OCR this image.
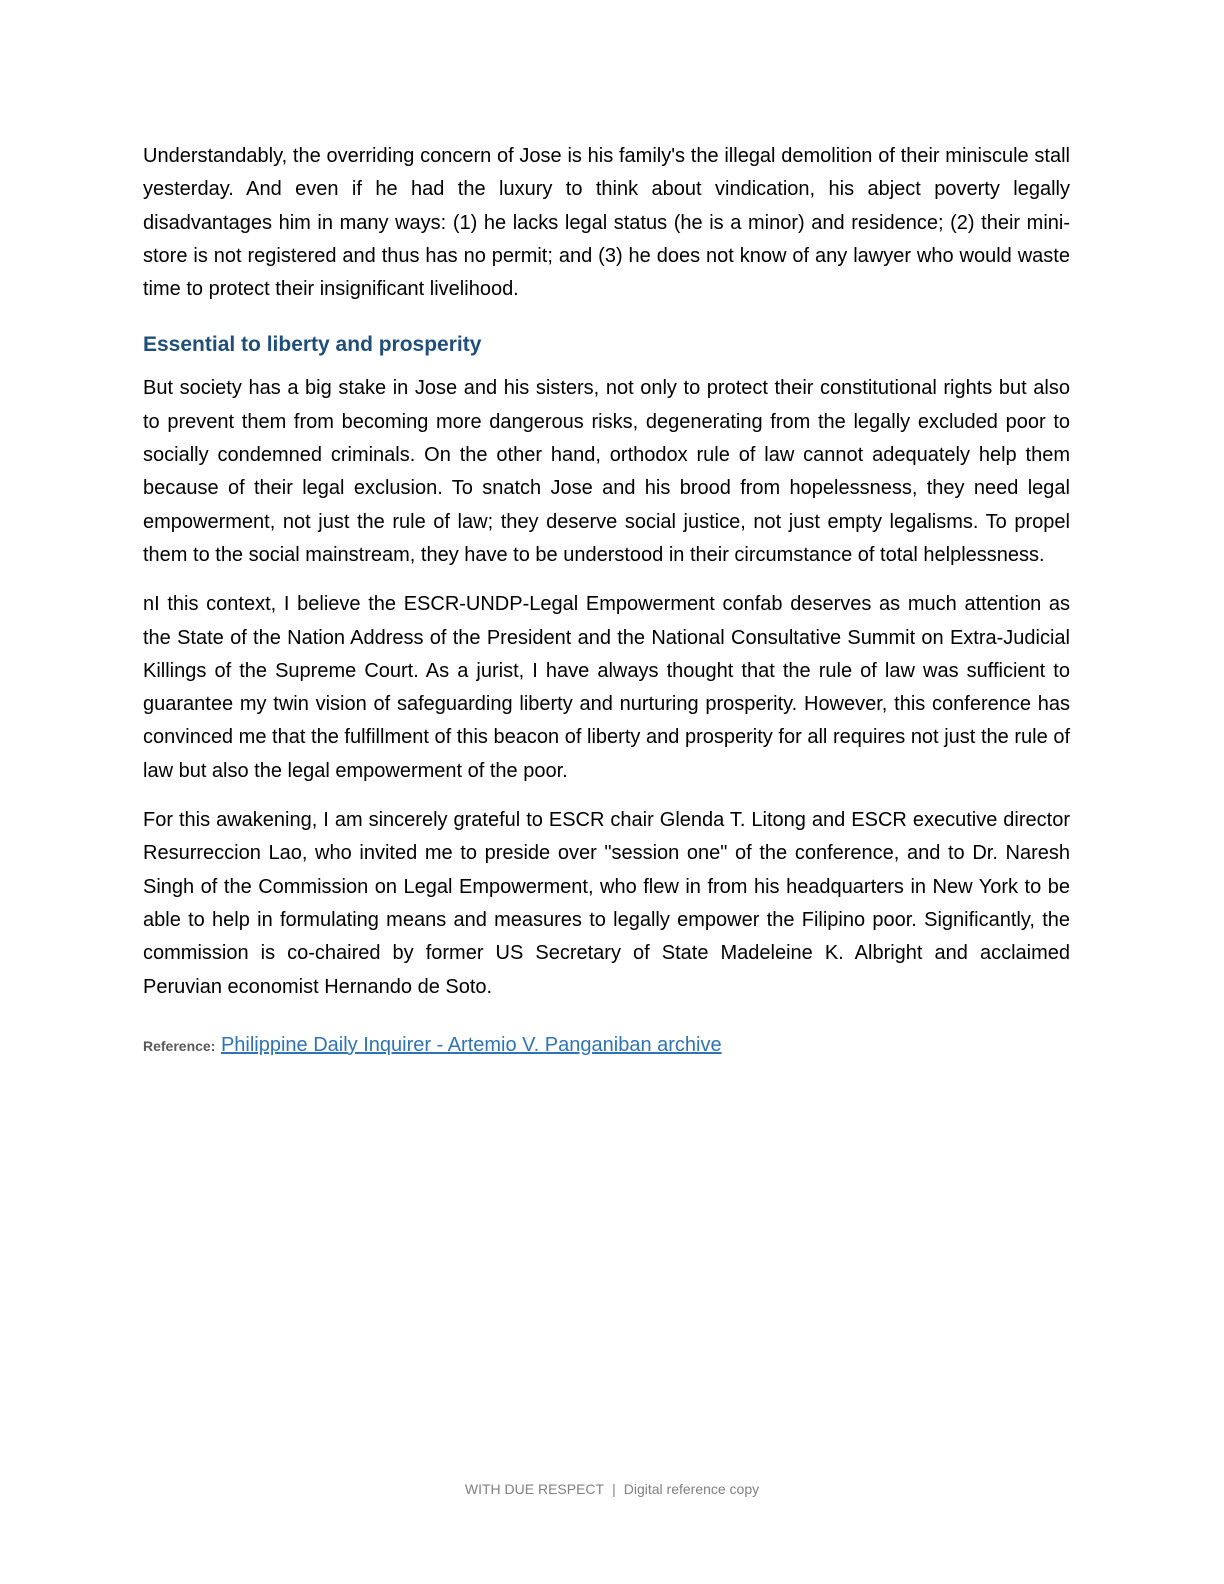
Understandably, the overriding concern of Jose is his family's the illegal demolition of their miniscule stall yesterday. And even if he had the luxury to think about vindication, his abject poverty legally disadvantages him in many ways: (1) he lacks legal status (he is a minor) and residence; (2) their mini-store is not registered and thus has no permit; and (3) he does not know of any lawyer who would waste time to protect their insignificant livelihood.

Essential to liberty and prosperity

But society has a big stake in Jose and his sisters, not only to protect their constitutional rights but also to prevent them from becoming more dangerous risks, degenerating from the legally excluded poor to socially condemned criminals. On the other hand, orthodox rule of law cannot adequately help them because of their legal exclusion. To snatch Jose and his brood from hopelessness, they need legal empowerment, not just the rule of law; they deserve social justice, not just empty legalisms. To propel them to the social mainstream, they have to be understood in their circumstance of total helplessness.

nI this context, I believe the ESCR-UNDP-Legal Empowerment confab deserves as much attention as the State of the Nation Address of the President and the National Consultative Summit on Extra-Judicial Killings of the Supreme Court. As a jurist, I have always thought that the rule of law was sufficient to guarantee my twin vision of safeguarding liberty and nurturing prosperity. However, this conference has convinced me that the fulfillment of this beacon of liberty and prosperity for all requires not just the rule of law but also the legal empowerment of the poor.

For this awakening, I am sincerely grateful to ESCR chair Glenda T. Litong and ESCR executive director Resurreccion Lao, who invited me to preside over "session one" of the conference, and to Dr. Naresh Singh of the Commission on Legal Empowerment, who flew in from his headquarters in New York to be able to help in formulating means and measures to legally empower the Filipino poor. Significantly, the commission is co-chaired by former US Secretary of State Madeleine K. Albright and acclaimed Peruvian economist Hernando de Soto.

Reference: Philippine Daily Inquirer - Artemio V. Panganiban archive
WITH DUE RESPECT | Digital reference copy
